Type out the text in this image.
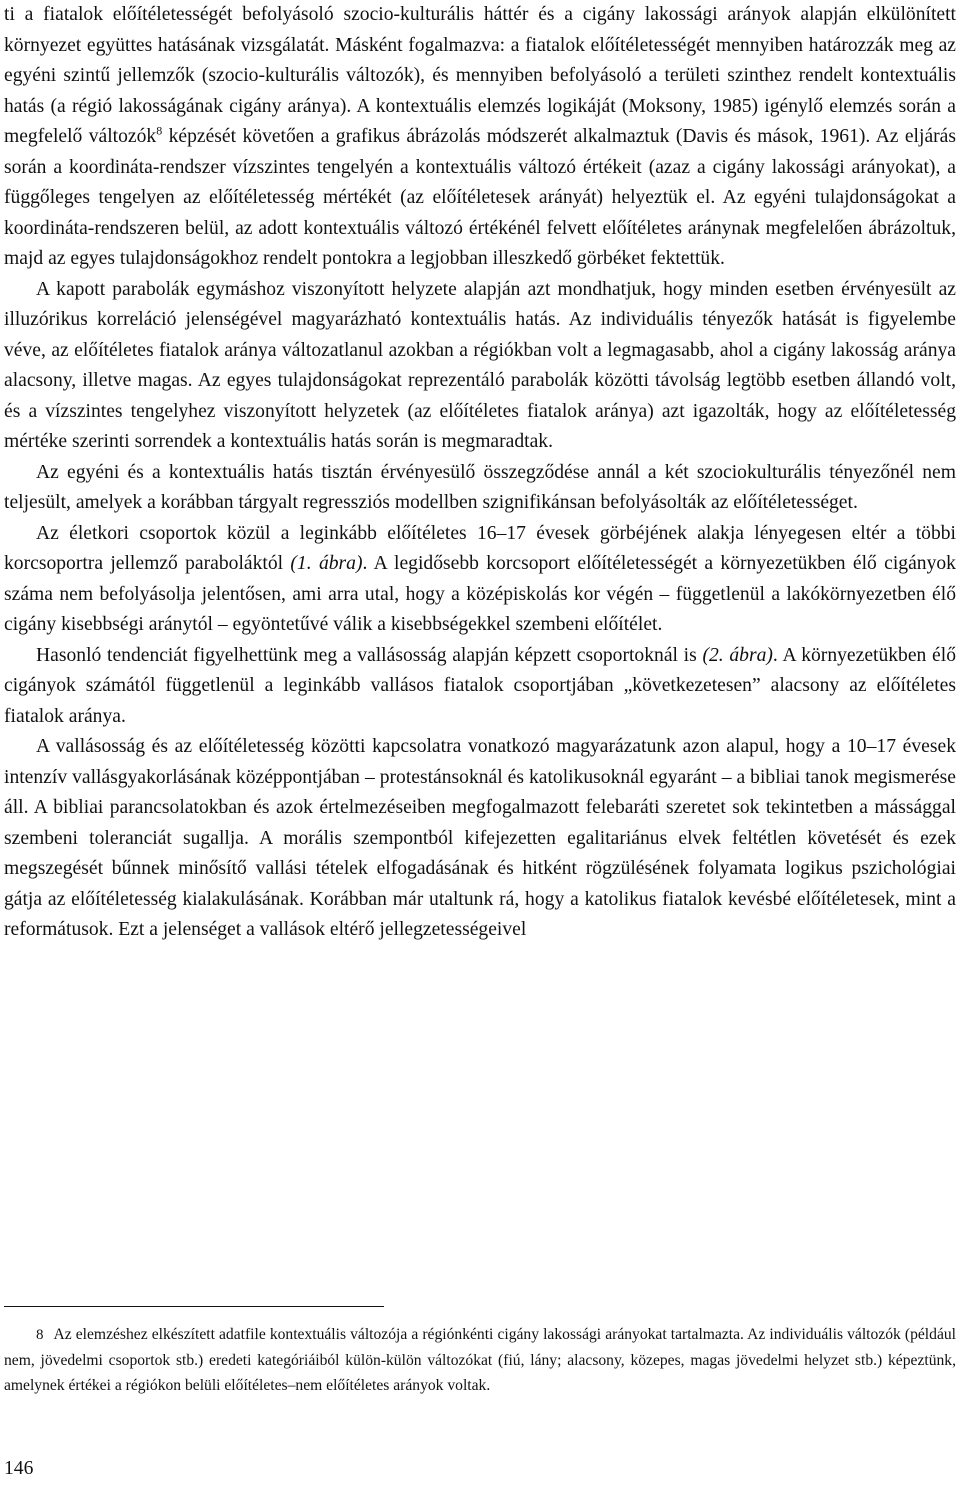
ti a fiatalok előítéletességét befolyásoló szocio-kulturális háttér és a cigány lakossági arányok alapján elkülönített környezet együttes hatásának vizsgálatát. Másként fogalmazva: a fiatalok előítéletességét mennyiben határozzák meg az egyéni szintű jellemzők (szocio-kulturális változók), és mennyiben befolyásoló a területi szinthez rendelt kontextuális hatás (a régió lakosságának cigány aránya). A kontextuális elemzés logikáját (Moksony, 1985) igénylő elemzés során a megfelelő változók$^8$ képzését követően a grafikus ábrázolás módszerét alkalmaztuk (Davis és mások, 1961). Az eljárás során a koordináta-rendszer vízszintes tengelyén a kontextuális változó értékeit (azaz a cigány lakossági arányokat), a függőleges tengelyen az előítéletesség mértékét (az előítéletesek arányát) helyeztük el. Az egyéni tulajdonságokat a koordináta-rendszeren belül, az adott kontextuális változó értékénél felvett előítéletes aránynak megfelelően ábrázoltuk, majd az egyes tulajdonságokhoz rendelt pontokra a legjobban illeszkedő görbéket fektettük.

A kapott parabolák egymáshoz viszonyított helyzete alapján azt mondhatjuk, hogy minden esetben érvényesült az illuzórikus korreláció jelenségével magyarázható kontextuális hatás. Az individuális tényezők hatását is figyelembe véve, az előítéletes fiatalok aránya változatlanul azokban a régiókban volt a legmagasabb, ahol a cigány lakosság aránya alacsony, illetve magas. Az egyes tulajdonságokat reprezentáló parabolák közötti távolság legtöbb esetben állandó volt, és a vízszintes tengelyhez viszonyított helyzetek (az előítéletes fiatalok aránya) azt igazolták, hogy az előítéletesség mértéke szerinti sorrendek a kontextuális hatás során is megmaradtak.

Az egyéni és a kontextuális hatás tisztán érvényesülő összegződése annál a két szociokulturális tényezőnél nem teljesült, amelyek a korábban tárgyalt regressziós modellben szignifikánsan befolyásolták az előítéletességet.

Az életkori csoportok közül a leginkább előítéletes 16–17 évesek görbéjének alakja lényegesen eltér a többi korcsoportra jellemző paraboláktól (1. ábra). A legidősebb korcsoport előítéletességét a környezetükben élő cigányok száma nem befolyásolja jelentősen, ami arra utal, hogy a középiskolás kor végén – függetlenül a lakókörnyezetben élő cigány kisebbségi aránytól – egyöntetűvé válik a kisebbségekkel szembeni előítélet.

Hasonló tendenciát figyelhettünk meg a vallásosság alapján képzett csoportoknál is (2. ábra). A környezetükben élő cigányok számától függetlenül a leginkább vallásos fiatalok csoportjában „következetesen” alacsony az előítéletes fiatalok aránya.

A vallásosság és az előítéletesség közötti kapcsolatra vonatkozó magyarázatunk azon alapul, hogy a 10–17 évesek intenzív vallásgyakorlásának középpontjában – protestánsoknál és katolikusoknál egyaránt – a bibliai tanok megismerése áll. A bibliai parancsolatokban és azok értelmezéseiben megfogalmazott felebaráti szeretet sok tekintetben a mássággal szembeni toleranciát sugallja. A morális szempontból kifejezetten egalitariánus elvek feltétlen követését és ezek megszegését bűnnek minősítő vallási tételek elfogadásának és hitként rögzülésének folyamata logikus pszichológiai gátja az előítéletesség kialakulásának. Korábban már utaltunk rá, hogy a katolikus fiatalok kevésbé előítéletesek, mint a reformátusok. Ezt a jelenséget a vallások eltérő jellegzetességeivel

8 Az elemzéshez elkészített adatfile kontextuális változója a régiónkénti cigány lakossági arányokat tartalmazta. Az individuális változók (például nem, jövedelmi csoportok stb.) eredeti kategóriáiból külön-külön változókat (fiú, lány; alacsony, közepes, magas jövedelmi helyzet stb.) képeztünk, amelynek értékei a régiókon belüli előítéletes–nem előítéletes arányok voltak.

146
